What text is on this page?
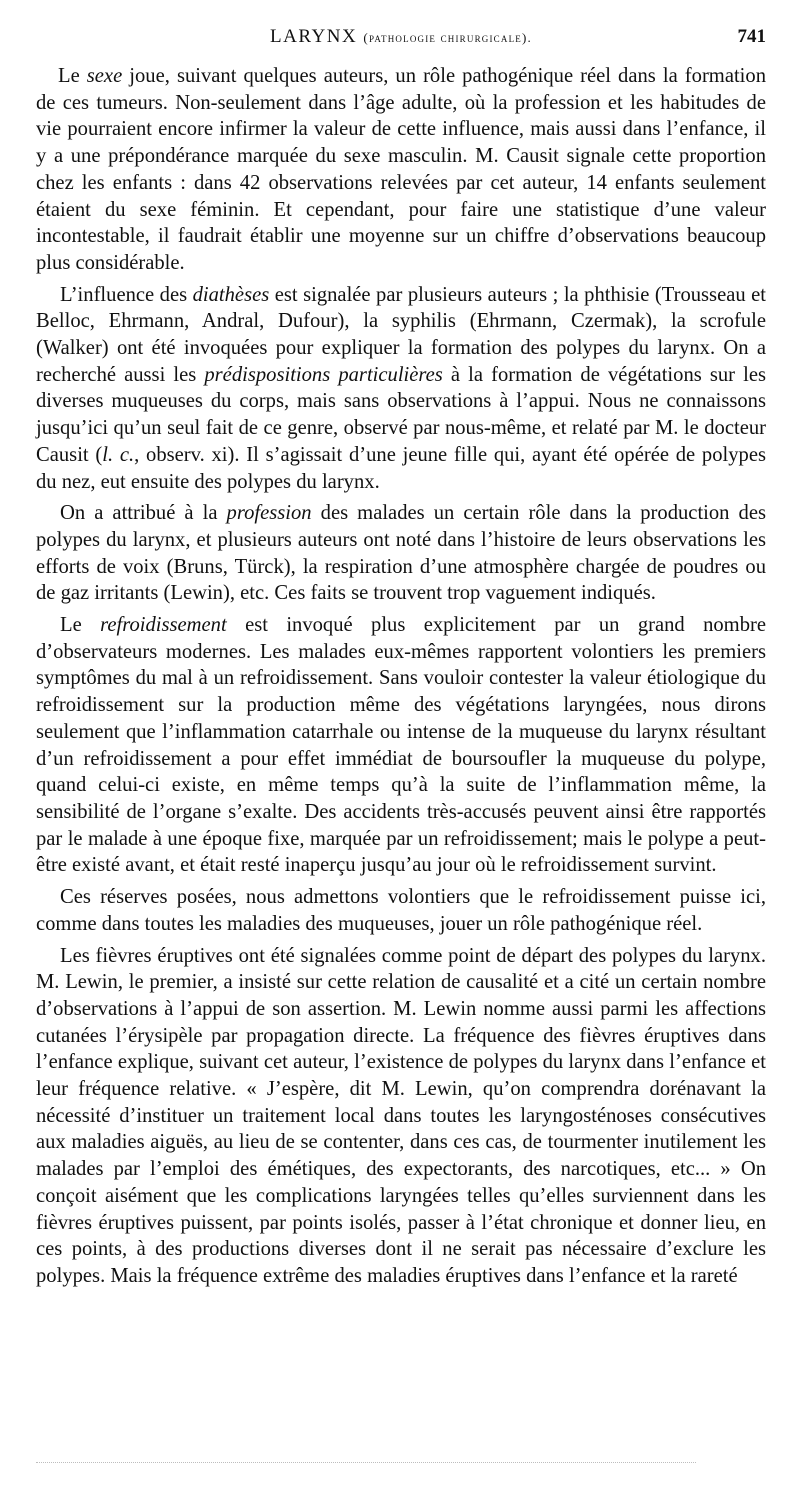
LARYNX (pathologie chirurgicale).	741

Le sexe joue, suivant quelques auteurs, un rôle pathogénique réel dans la formation de ces tumeurs. Non-seulement dans l’âge adulte, où la profession et les habitudes de vie pourraient encore infirmer la valeur de cette influence, mais aussi dans l’enfance, il y a une prépondérance marquée du sexe masculin. M. Causit signale cette proportion chez les enfants : dans 42 observations relevées par cet auteur, 14 enfants seulement étaient du sexe féminin. Et cependant, pour faire une statistique d’une valeur incontestable, il faudrait établir une moyenne sur un chiffre d’observations beaucoup plus considérable.

L’influence des diathèses est signalée par plusieurs auteurs ; la phthisie (Trousseau et Belloc, Ehrmann, Andral, Dufour), la syphilis (Ehrmann, Czermak), la scrofule (Walker) ont été invoquées pour expliquer la formation des polypes du larynx. On a recherché aussi les prédispositions particulières à la formation de végétations sur les diverses muqueuses du corps, mais sans observations à l’appui. Nous ne connaissons jusqu’ici qu’un seul fait de ce genre, observé par nous-même, et relaté par M. le docteur Causit (l. c., observ. xi). Il s’agissait d’une jeune fille qui, ayant été opérée de polypes du nez, eut ensuite des polypes du larynx.

On a attribué à la profession des malades un certain rôle dans la production des polypes du larynx, et plusieurs auteurs ont noté dans l’histoire de leurs observations les efforts de voix (Bruns, Türck), la respiration d’une atmosphère chargée de poudres ou de gaz irritants (Lewin), etc. Ces faits se trouvent trop vaguement indiqués.

Le refroidissement est invoqué plus explicitement par un grand nombre d’observateurs modernes. Les malades eux-mêmes rapportent volontiers les premiers symptômes du mal à un refroidissement. Sans vouloir contester la valeur étiologique du refroidissement sur la production même des végétations laryngées, nous dirons seulement que l’inflammation catarrhale ou intense de la muqueuse du larynx résultant d’un refroidissement a pour effet immédiat de boursoufler la muqueuse du polype, quand celui-ci existe, en même temps qu’à la suite de l’inflammation même, la sensibilité de l’organe s’exalte. Des accidents très-accusés peuvent ainsi être rapportés par le malade à une époque fixe, marquée par un refroidissement; mais le polype a peut-être existé avant, et était resté inaperçu jusqu’au jour où le refroidissement survint.

Ces réserves posées, nous admettons volontiers que le refroidissement puisse ici, comme dans toutes les maladies des muqueuses, jouer un rôle pathogénique réel.

Les fièvres éruptives ont été signalées comme point de départ des polypes du larynx. M. Lewin, le premier, a insisté sur cette relation de causalité et a cité un certain nombre d’observations à l’appui de son assertion. M. Lewin nomme aussi parmi les affections cutanées l’érysipèle par propagation directe. La fréquence des fièvres éruptives dans l’enfance explique, suivant cet auteur, l’existence de polypes du larynx dans l’enfance et leur fréquence relative. « J’espère, dit M. Lewin, qu’on comprendra dorénavant la nécessité d’instituer un traitement local dans toutes les laryngosténoses consécutives aux maladies aiguës, au lieu de se contenter, dans ces cas, de tourmenter inutilement les malades par l’emploi des émétiques, des expectorants, des narcotiques, etc... » On conçoit aisément que les complications laryngées telles qu’elles surviennent dans les fièvres éruptives puissent, par points isolés, passer à l’état chronique et donner lieu, en ces points, à des productions diverses dont il ne serait pas nécessaire d’exclure les polypes. Mais la fréquence extrême des maladies éruptives dans l’enfance et la rareté
